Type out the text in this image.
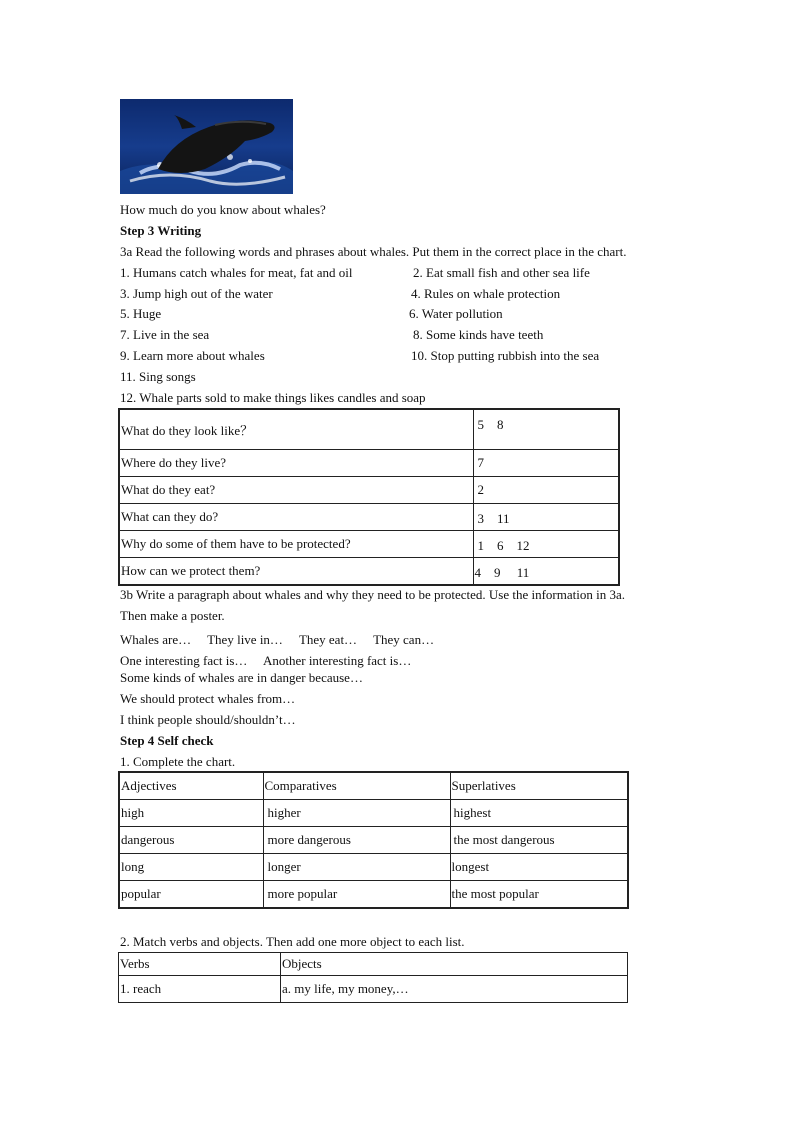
How much do you know about whales?
Step 3 Writing
3a Read the following words and phrases about whales. Put them in the correct place in the chart.
1. Humans catch whales for meat, fat and oil	2. Eat small fish and other sea life
3. Jump high out of the water	4. Rules on whale protection
5. Huge	6. Water pollution
7. Live in the sea	8. Some kinds have teeth
9. Learn more about whales	10. Stop putting rubbish into the sea
11. Sing songs
12. Whale parts sold to make things likes candles and soap
What do they look like？	5　8
Where do they live?	7
What do they eat?	2
What can they do?	3　11
Why do some of them have to be protected?	1　6　12
How can we protect them?	4　9　 11
3b Write a paragraph about whales and why they need to be protected. Use the information in 3a.
Then make a poster.
Whales are…　 They live in…　 They eat…　 They can…
One interesting fact is…　 Another interesting fact is…
Some kinds of whales are in danger because…
We should protect whales from…
I think people should/shouldn’t…
Step 4 Self check
1. Complete the chart.
Adjectives	Comparatives	Superlatives
high	higher	highest
dangerous	more dangerous	the most dangerous
long	longer	longest
popular	more popular	the most popular
2. Match verbs and objects. Then add one more object to each list.
Verbs	Objects
1. reach	a. my life, my money,…
